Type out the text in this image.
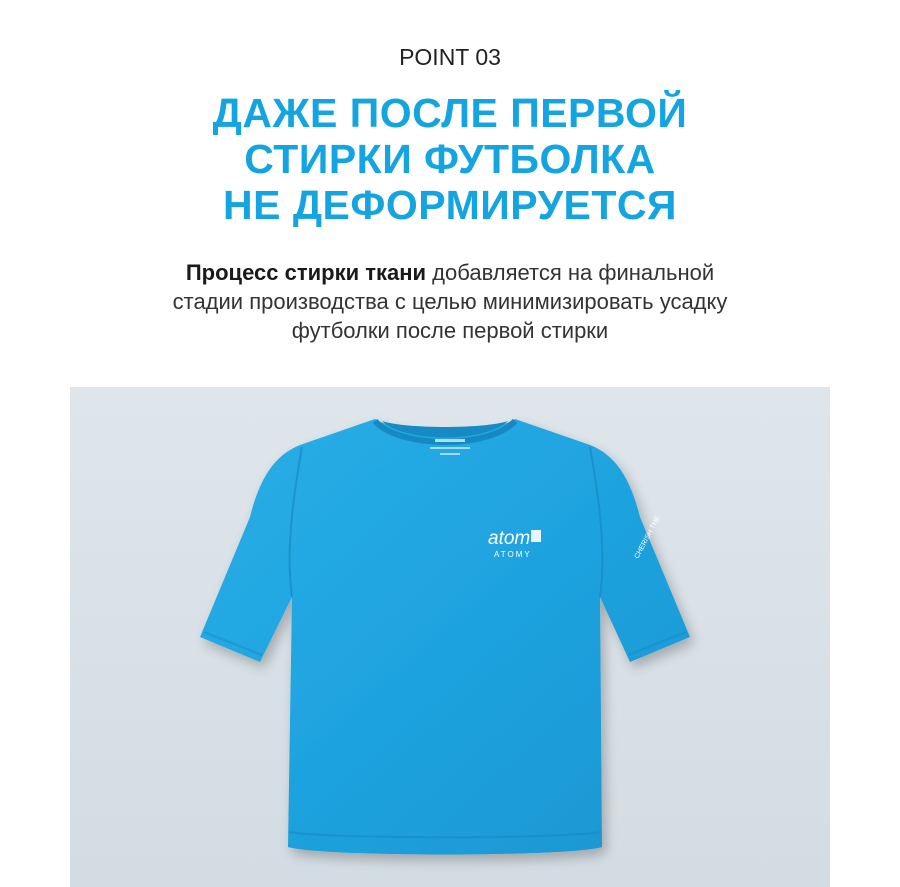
POINT 03
ДАЖЕ ПОСЛЕ ПЕРВОЙ
СТИРКИ ФУТБОЛКА
НЕ ДЕФОРМИРУЕТСЯ
Процесс стирки ткани добавляется на финальной
стадии производства с целью минимизировать усадку
футболки после первой стирки
atom
ATOMY	CHERISH THE
